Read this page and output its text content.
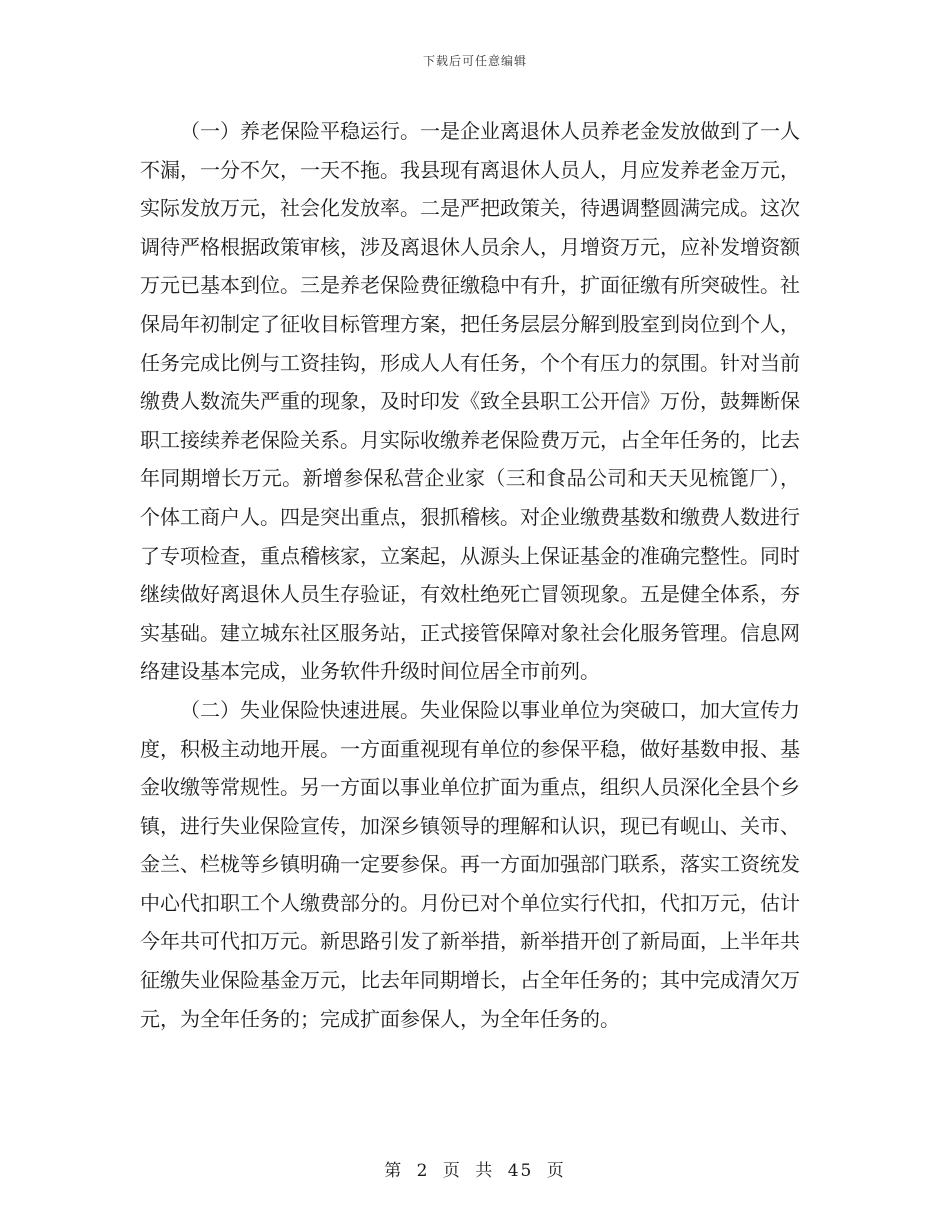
下载后可任意编辑

（一）养老保险平稳运行。一是企业离退休人员养老金发放做到了一人不漏，一分不欠，一天不拖。我县现有离退休人员人，月应发养老金万元，实际发放万元，社会化发放率。二是严把政策关，待遇调整圆满完成。这次调待严格根据政策审核，涉及离退休人员余人，月增资万元，应补发增资额万元已基本到位。三是养老保险费征缴稳中有升，扩面征缴有所突破性。社保局年初制定了征收目标管理方案，把任务层层分解到股室到岗位到个人，任务完成比例与工资挂钩，形成人人有任务，个个有压力的氛围。针对当前缴费人数流失严重的现象，及时印发《致全县职工公开信》万份，鼓舞断保职工接续养老保险关系。月实际收缴养老保险费万元，占全年任务的，比去年同期增长万元。新增参保私营企业家（三和食品公司和天天见梳篦厂），个体工商户人。四是突出重点，狠抓稽核。对企业缴费基数和缴费人数进行了专项检查，重点稽核家，立案起，从源头上保证基金的准确完整性。同时继续做好离退休人员生存验证，有效杜绝死亡冒领现象。五是健全体系，夯实基础。建立城东社区服务站，正式接管保障对象社会化服务管理。信息网络建设基本完成，业务软件升级时间位居全市前列。

（二）失业保险快速进展。失业保险以事业单位为突破口，加大宣传力度，积极主动地开展。一方面重视现有单位的参保平稳，做好基数申报、基金收缴等常规性。另一方面以事业单位扩面为重点，组织人员深化全县个乡镇，进行失业保险宣传，加深乡镇领导的理解和认识，现已有岘山、关市、金兰、栏栊等乡镇明确一定要参保。再一方面加强部门联系，落实工资统发中心代扣职工个人缴费部分的。月份已对个单位实行代扣，代扣万元，估计今年共可代扣万元。新思路引发了新举措，新举措开创了新局面，上半年共征缴失业保险基金万元，比去年同期增长，占全年任务的；其中完成清欠万元，为全年任务的；完成扩面参保人，为全年任务的。

第 2 页 共 45 页
